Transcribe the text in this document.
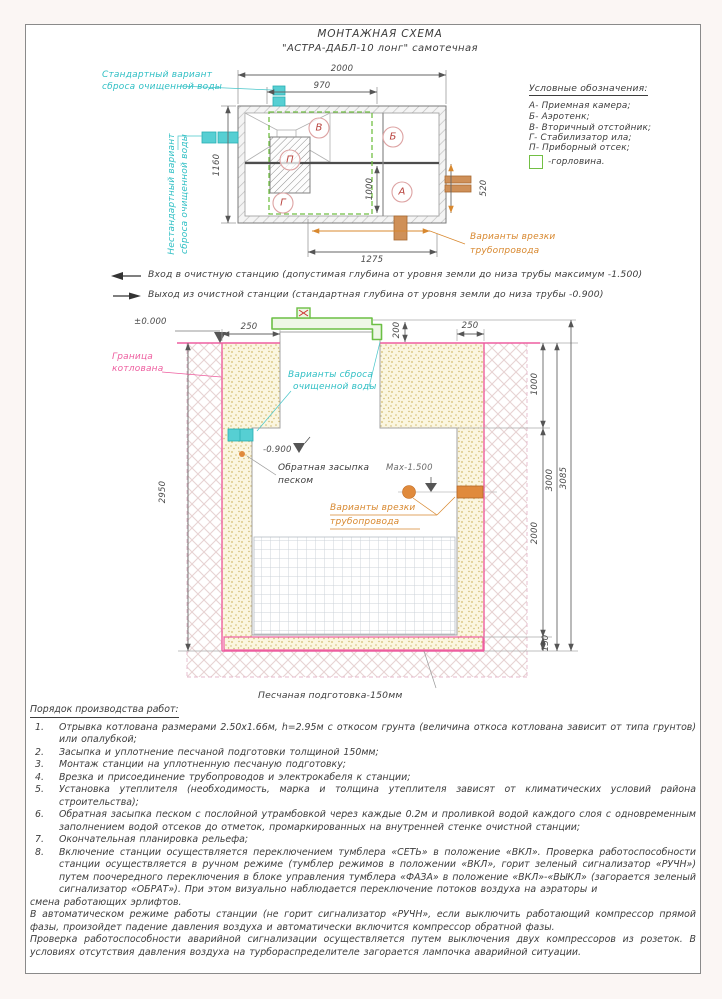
МОНТАЖНАЯ СХЕМА
"АСТРА-ДАБЛ-10 лонг" самотечная
Стандартный вариант
сброса очищенной воды
Нестандартный вариант сброса очищенной воды	Варианты врезки
трубопровода
2000
970
1160
1000	520
1275
В
Б
П
А
Г
Условные обозначения:
А- Приемная камера;
Б- Аэротенк;
В- Вторичный отстойник;
Г- Стабилизатор ила;
П- Приборный отсек;
-горловина.
Вход в очистную станцию (допустимая глубина от уровня земли до низа трубы максимум -1.500)
Выход из очистной станции (стандартная глубина от уровня земли до низа трубы -0.900)
±0.000	250	200	250
Граница
котлована
Варианты сброса
очищенной воды
-0.900
Обратная засыпка
песком
Max-1.500
Варианты врезки
трубопровода
2950
1000
2000
150
3000 3085
Песчаная подготовка-150мм
Порядок производства работ:
1.	Отрывка котлована размерами 2.50х1.66м, h=2.95м с откосом грунта (величина откоса котлована зависит от типа грунтов) или опалубкой;
2.	Засыпка и уплотнение песчаной подготовки толщиной 150мм;
3.	Монтаж станции на уплотненную песчаную подготовку;
4.	Врезка и присоединение трубопроводов и электрокабеля к станции;
5.	Установка утеплителя (необходимость, марка и толщина утеплителя зависят от климатических условий района строительства);
6.	Обратная засыпка песком с послойной утрамбовкой через каждые 0.2м и проливкой водой каждого слоя с одновременным заполнением водой отсеков до отметок, промаркированных на внутренней стенке очистной станции;
7.	Окончательная планировка рельефа;
8.	Включение станции осуществляется переключением тумблера «СЕТЬ» в положение «ВКЛ». Проверка работоспособности станции осуществляется в ручном режиме (тумблер режимов в положении «ВКЛ», горит зеленый сигнализатор «РУЧН») путем поочередного переключения в блоке управления тумблера «ФАЗА» в положение «ВКЛ»-«ВЫКЛ» (загорается зеленый сигнализатор «ОБРАТ»). При этом визуально наблюдается переключение потоков воздуха на аэраторы и

смена работающих эрлифтов.

В автоматическом режиме работы станции (не горит сигнализатор «РУЧН», если выключить работающий компрессор прямой фазы, произойдет падение давления воздуха и автоматически включится компрессор обратной фазы.

Проверка работоспособности аварийной сигнализации осуществляется путем выключения двух компрессоров из розеток. В условиях отсутствия давления воздуха на турбораспределителе загорается лампочка аварийной ситуации.
